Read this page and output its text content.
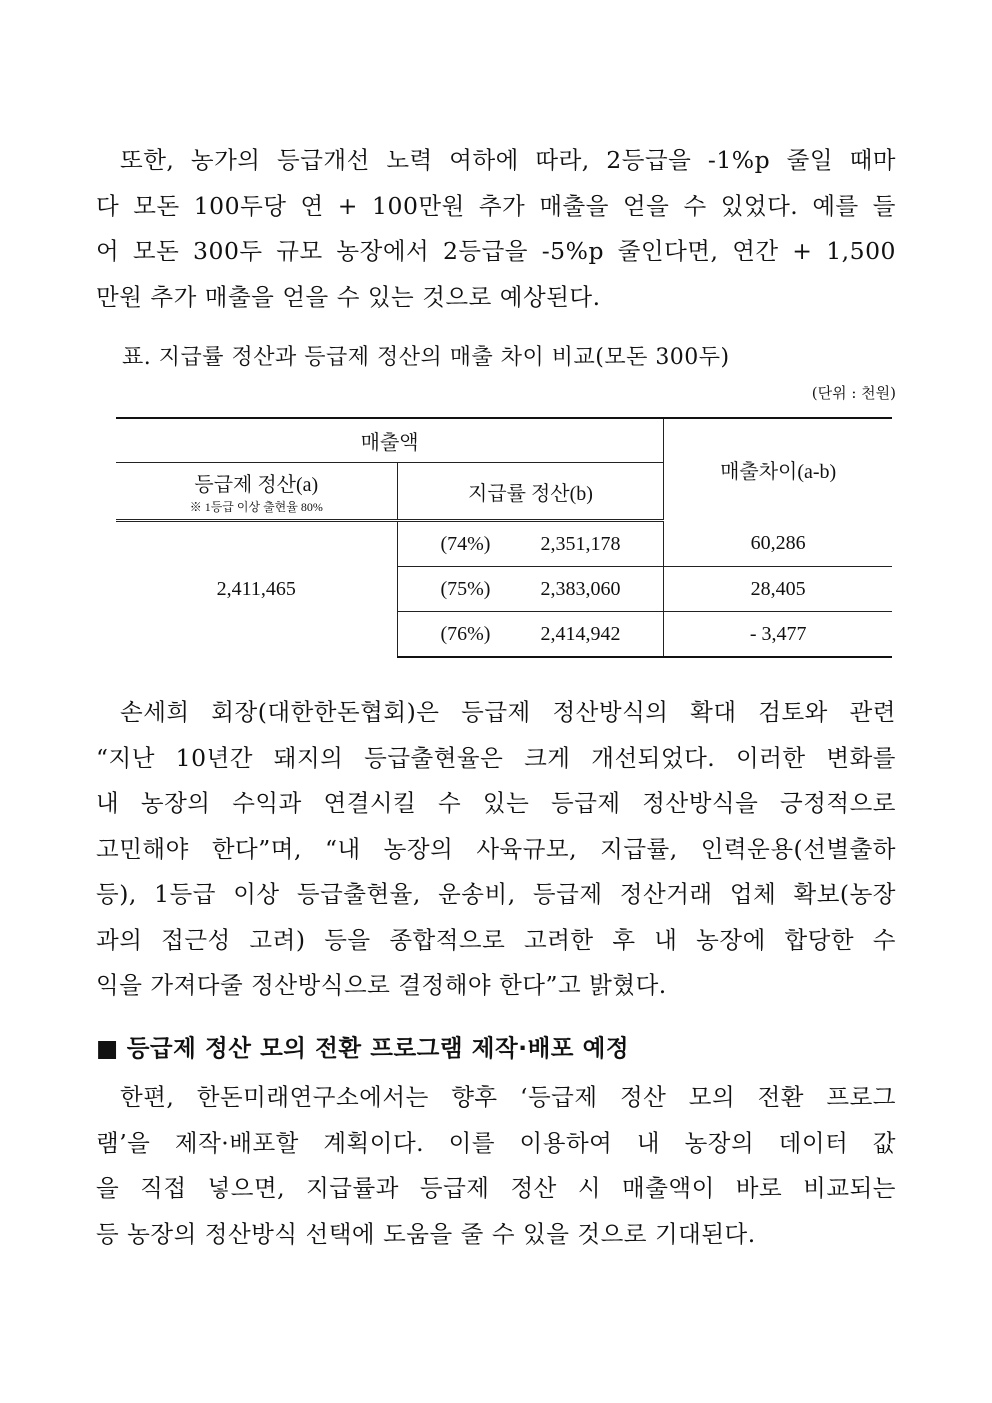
또한, 농가의 등급개선 노력 여하에 따라, 2등급을 -1%p 줄일 때마
다 모돈 100두당 연 + 100만원 추가 매출을 얻을 수 있었다. 예를 들
어 모돈 300두 규모 농장에서 2등급을 -5%p 줄인다면, 연간 + 1,500
만원 추가 매출을 얻을 수 있는 것으로 예상된다.
표. 지급률 정산과 등급제 정산의 매출 차이 비교(모돈 300두)
(단위 : 천원)
매출액		매출차이(a-b)
등급제 정산(a)
※ 1등급 이상 출현율 80%	지급률 정산(b)	
2,411,465	(74%) 2,351,178	60,286
	(75%) 2,383,060	28,405
	(76%) 2,414,942	- 3,477
손세희 회장(대한한돈협회)은 등급제 정산방식의 확대 검토와 관련
“지난 10년간 돼지의 등급출현율은 크게 개선되었다. 이러한 변화를
내 농장의 수익과 연결시킬 수 있는 등급제 정산방식을 긍정적으로
고민해야 한다”며, “내 농장의 사육규모, 지급률, 인력운용(선별출하
등), 1등급 이상 등급출현율, 운송비, 등급제 정산거래 업체 확보(농장
과의 접근성 고려) 등을 종합적으로 고려한 후 내 농장에 합당한 수
익을 가져다줄 정산방식으로 결정해야 한다”고 밝혔다.
■ 등급제 정산 모의 전환 프로그램 제작·배포 예정
한편, 한돈미래연구소에서는 향후 ‘등급제 정산 모의 전환 프로그
램’을 제작·배포할 계획이다. 이를 이용하여 내 농장의 데이터 값
을 직접 넣으면, 지급률과 등급제 정산 시 매출액이 바로 비교되는
등 농장의 정산방식 선택에 도움을 줄 수 있을 것으로 기대된다.
